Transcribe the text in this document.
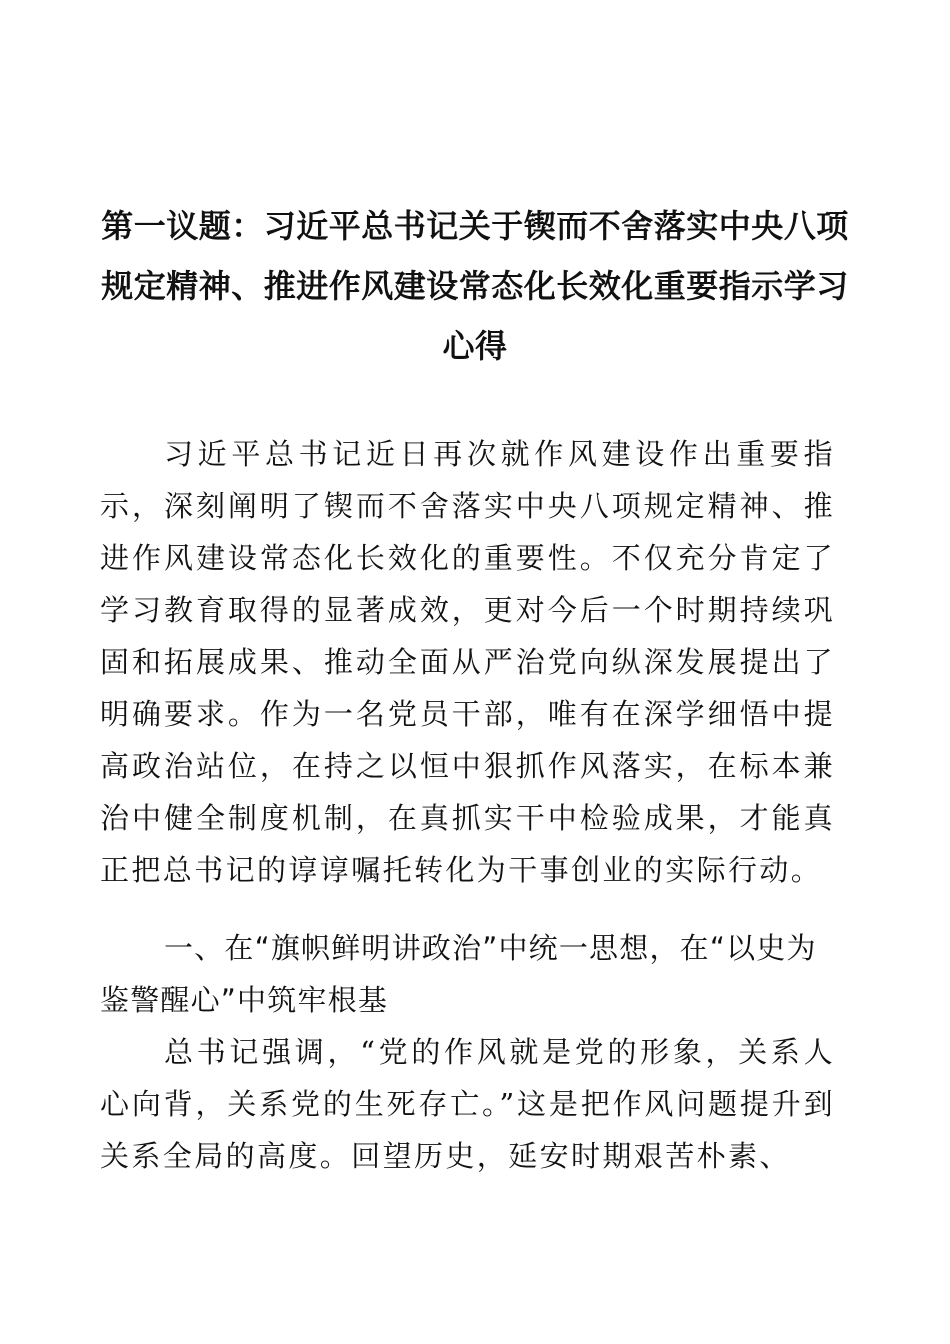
第一议题：习近平总书记关于锲而不舍落实中央八项规定精神、推进作风建设常态化长效化重要指示学习心得

习近平总书记近日再次就作风建设作出重要指示，深刻阐明了锲而不舍落实中央八项规定精神、推进作风建设常态化长效化的重要性。不仅充分肯定了学习教育取得的显著成效，更对今后一个时期持续巩固和拓展成果、推动全面从严治党向纵深发展提出了明确要求。作为一名党员干部，唯有在深学细悟中提高政治站位，在持之以恒中狠抓作风落实，在标本兼治中健全制度机制，在真抓实干中检验成果，才能真正把总书记的谆谆嘱托转化为干事创业的实际行动。

一、在“旗帜鲜明讲政治”中统一思想，在“以史为鉴警醒心”中筑牢根基

总书记强调，“党的作风就是党的形象，关系人心向背，关系党的生死存亡。”这是把作风问题提升到关系全局的高度。回望历史，延安时期艰苦朴素、
